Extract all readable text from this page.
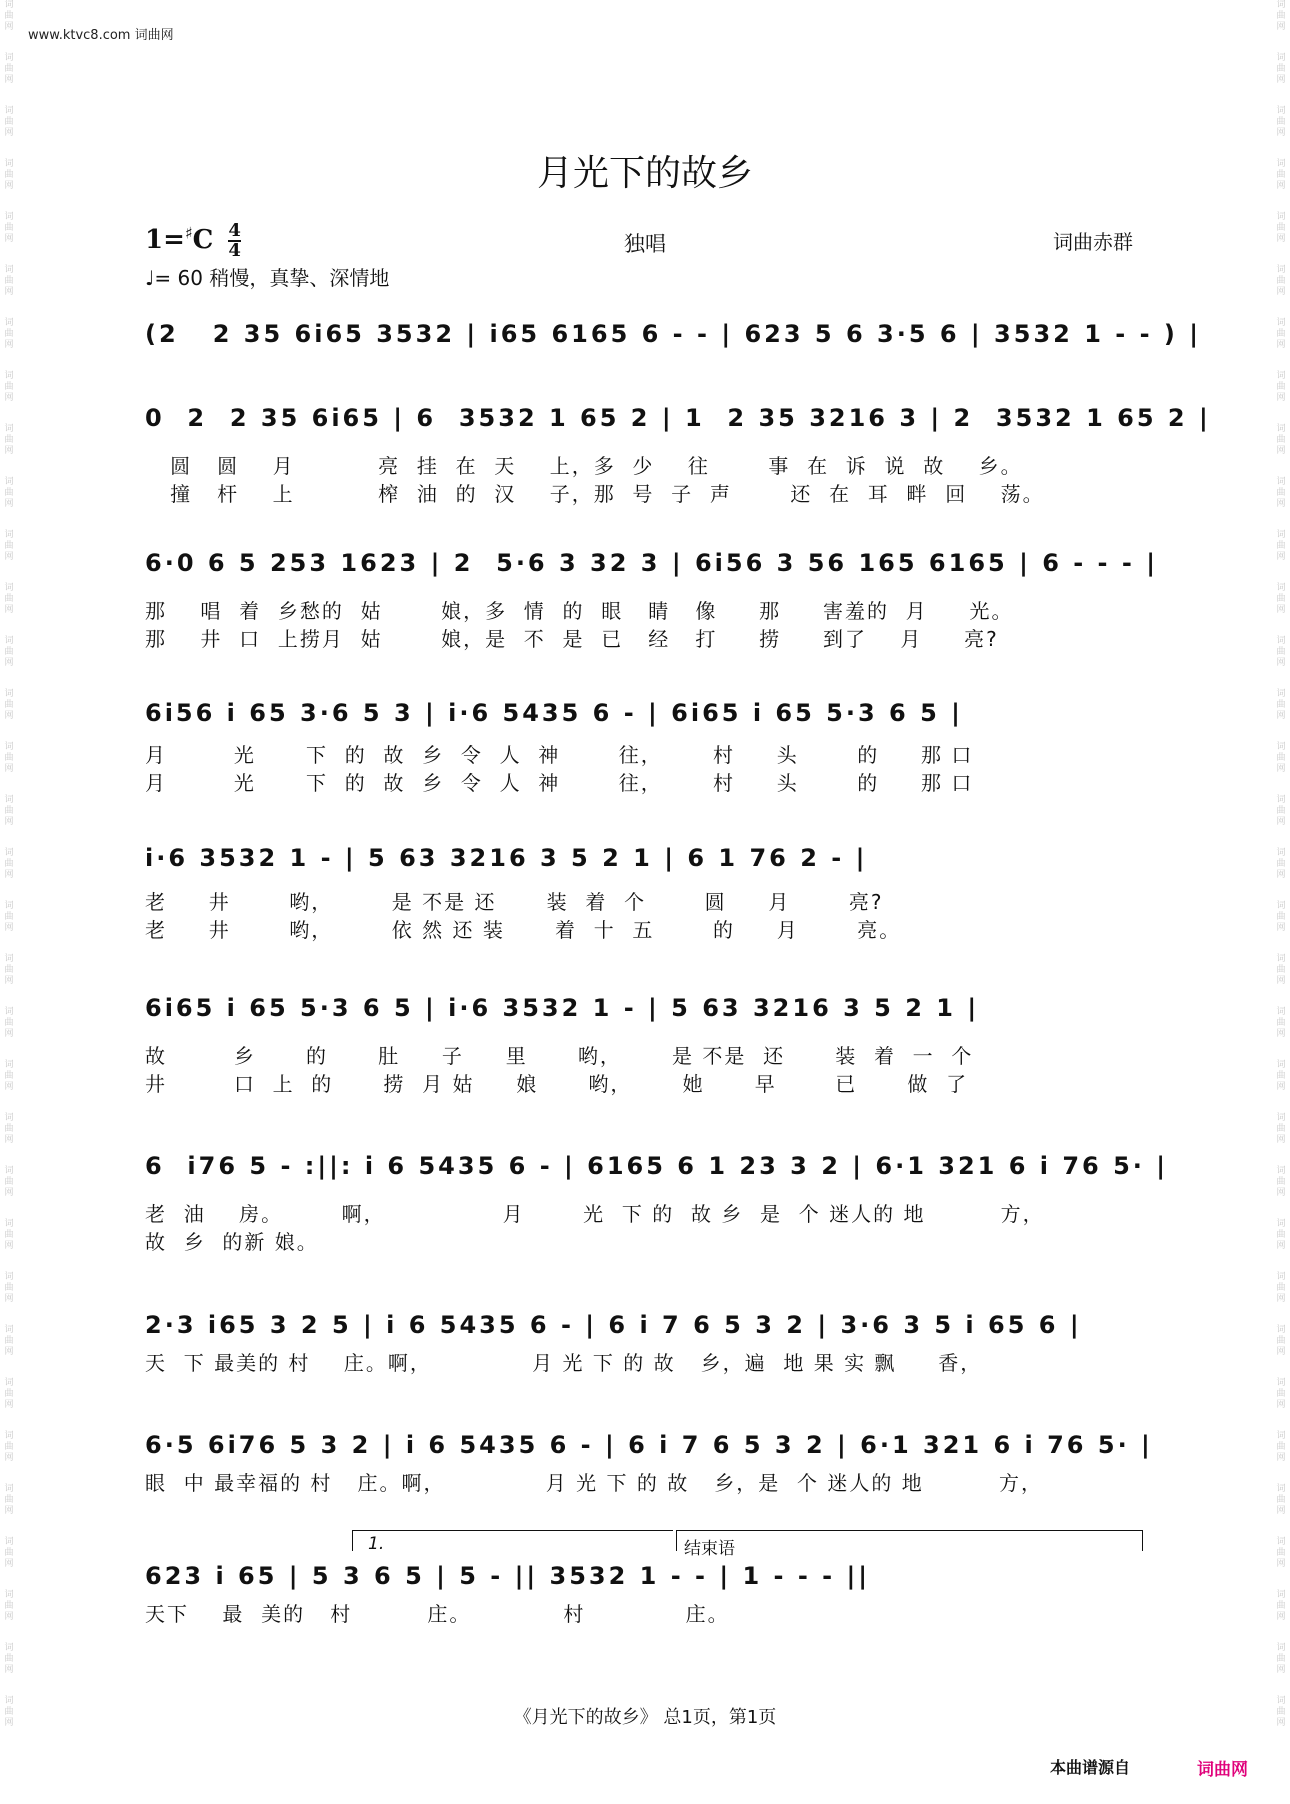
词曲网
词曲网
词曲网
词曲网
词曲网
词曲网
词曲网
词曲网
词曲网
词曲网
词曲网
词曲网
词曲网
词曲网
词曲网
词曲网
词曲网
词曲网
词曲网
词曲网
词曲网
词曲网
词曲网
词曲网
词曲网
词曲网
词曲网
词曲网
词曲网
词曲网
词曲网
词曲网
词曲网
词曲网
词曲网
词曲网
词曲网
词曲网
词曲网
词曲网
词曲网
词曲网
词曲网
词曲网
词曲网
词曲网
词曲网
词曲网
词曲网
词曲网
词曲网
词曲网
词曲网
词曲网
词曲网
词曲网
词曲网
词曲网
词曲网
词曲网
词曲网
词曲网
词曲网
词曲网
词曲网
词曲网
www.ktvc8.com 词曲网
月光下的故乡
$1=^♯C \frac{4}{4}$	独唱	词曲赤群
♩= 60 稍慢，真挚、深情地
(2   2 35 6i65 3532 | i65 6165 6 - - | 623 5 6 3·5 6 | 3532 1 - - ) |
0  2  2 35 6i65 | 6  3532 1 65 2 | 1  2 35 3216 3 | 2  3532 1 65 2 |
圆   圆    月          亮  挂  在  天    上，多  少    往       事  在  诉  说  故    乡。
撞   杆    上          榨  油  的  汉    子，那  号  子  声       还  在  耳  畔  回    荡。
6·0 6 5 253 1623 | 2  5·6 3 32 3 | 6i56 3 56 165 6165 | 6 - - - |
那    唱  着  乡愁的  姑       娘，多  情  的  眼   睛   像     那     害羞的  月     光。
那    井  口  上捞月  姑       娘，是  不  是  已   经   打     捞     到了    月     亮?
6i56 i 65 3·6 5 3 | i·6 5435 6 - | 6i65 i 65 5·3 6 5 |
月        光      下  的  故  乡  令  人  神       往，      村     头       的     那 口
月        光      下  的  故  乡  令  人  神       往，      村     头       的     那 口
i·6 3532 1 - | 5 63 3216 3 5 2 1 | 6 1 76 2 - |
老     井       哟，       是 不是 还      装  着  个       圆     月       亮?
老     井       哟，       依 然 还 装      着  十  五       的     月       亮。
6i65 i 65 5·3 6 5 | i·6 3532 1 - | 5 63 3216 3 5 2 1 |
故        乡      的      肚     子     里      哟，      是 不是  还      装  着  一  个
井        口  上  的      捞  月 姑     娘      哟，      她      早       已      做  了
6  i76 5 - :||: i 6 5435 6 - | 6165 6 1 23 3 2 | 6·1 321 6 i 76 5· |
老  油    房。       啊，              月       光  下 的  故 乡  是  个 迷人的 地         方，
故  乡  的新 娘。
2·3 i65 3 2 5 | i 6 5435 6 - | 6 i 7 6 5 3 2 | 3·6 3 5 i 65 6 |
天  下 最美的 村    庄。啊，            月 光 下 的 故   乡，遍  地 果 实 飘     香，
6·5 6i76 5 3 2 | i 6 5435 6 - | 6 i 7 6 5 3 2 | 6·1 321 6 i 76 5· |
眼  中 最幸福的 村   庄。啊，            月 光 下 的 故   乡，是  个 迷人的 地         方，
1.	结束语
623 i 65 | 5 3 6 5 | 5 - || 3532 1 - - | 1 - - - ||
天下    最  美的   村         庄。           村            庄。
《月光下的故乡》 总1页，第1页
本曲谱源自	词曲网
